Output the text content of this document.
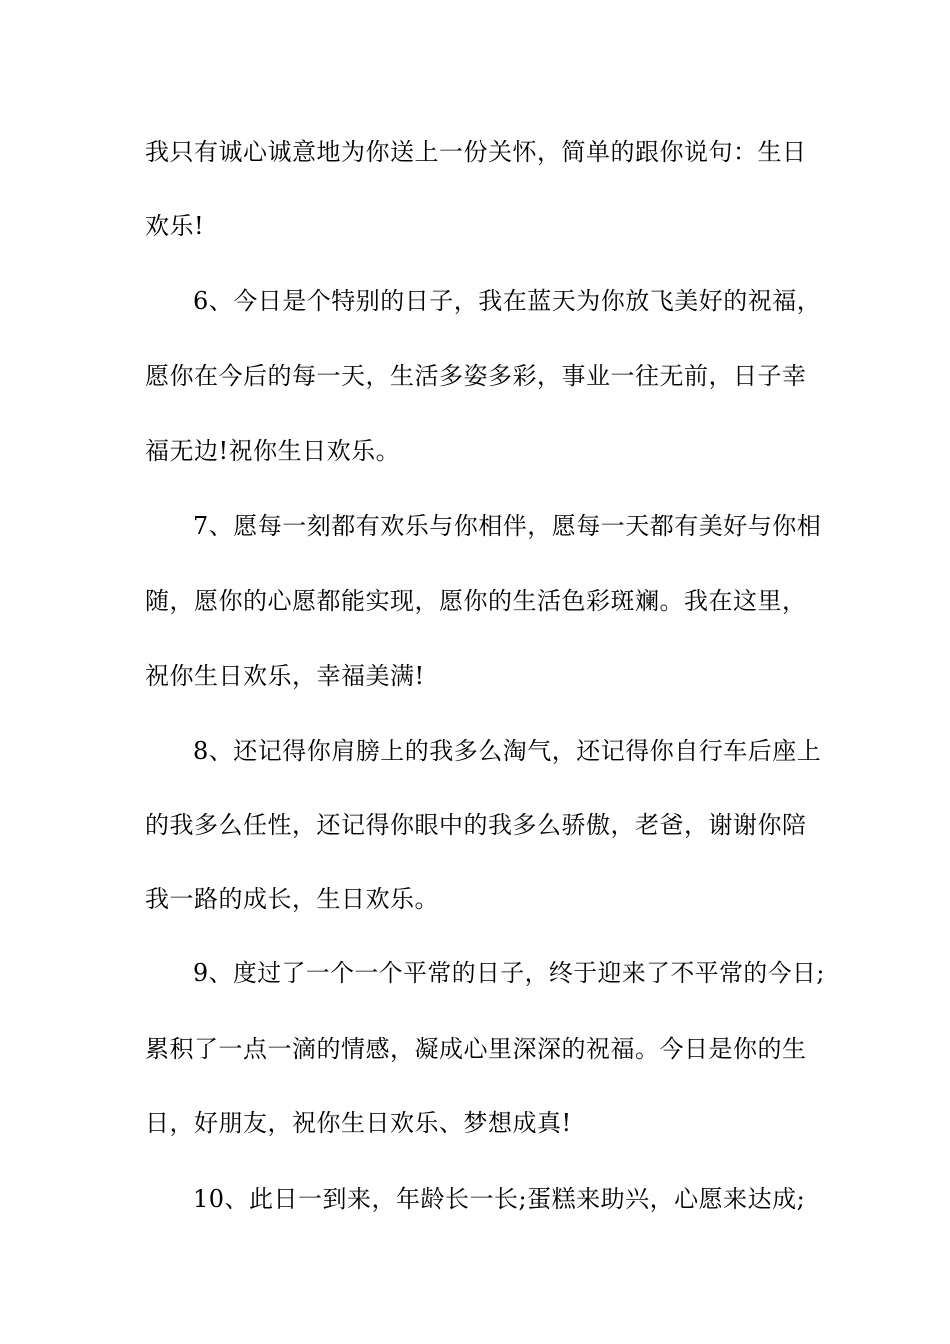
我只有诚心诚意地为你送上一份关怀，简单的跟你说句：生日
欢乐!
6、今日是个特别的日子，我在蓝天为你放飞美好的祝福，
愿你在今后的每一天，生活多姿多彩，事业一往无前，日子幸
福无边!祝你生日欢乐。
7、愿每一刻都有欢乐与你相伴，愿每一天都有美好与你相
随，愿你的心愿都能实现，愿你的生活色彩斑斓。我在这里，
祝你生日欢乐，幸福美满!
8、还记得你肩膀上的我多么淘气，还记得你自行车后座上
的我多么任性，还记得你眼中的我多么骄傲，老爸，谢谢你陪
我一路的成长，生日欢乐。
9、度过了一个一个平常的日子，终于迎来了不平常的今日;
累积了一点一滴的情感，凝成心里深深的祝福。今日是你的生
日，好朋友，祝你生日欢乐、梦想成真!
10、此日一到来，年龄长一长;蛋糕来助兴，心愿来达成;
